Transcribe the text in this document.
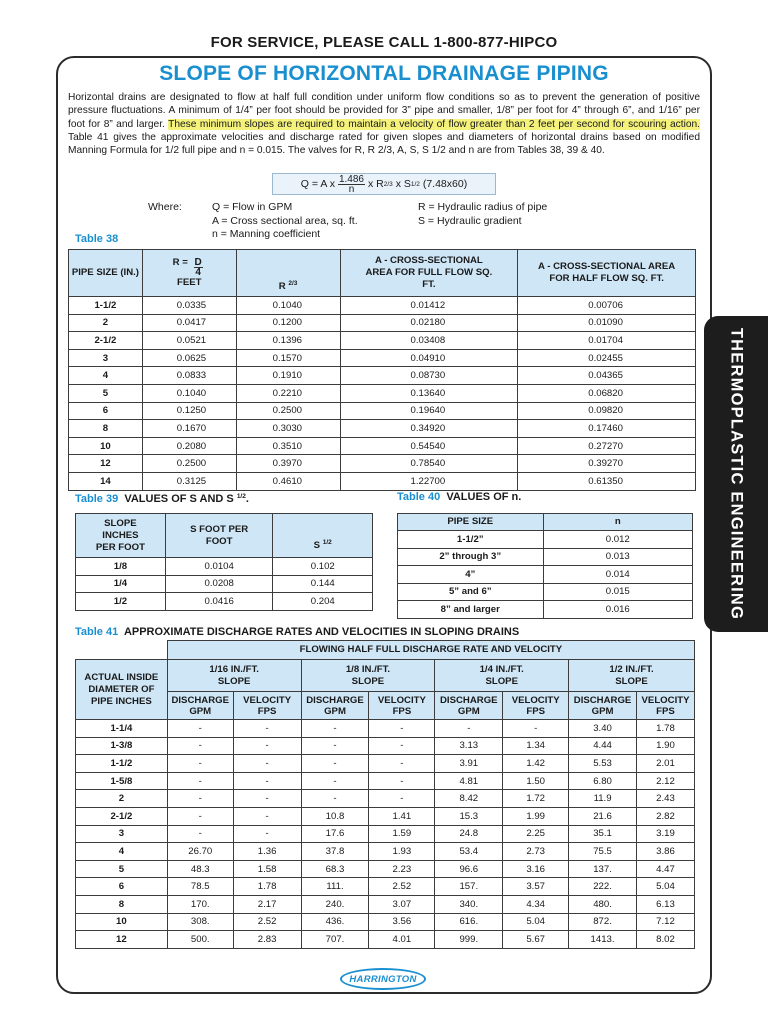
FOR SERVICE, PLEASE CALL 1-800-877-HIPCO
THERMOPLASTIC ENGINEERING
SLOPE OF HORIZONTAL DRAINAGE PIPING

Horizontal drains are designated to flow at half full condition under uniform flow conditions so as to prevent the generation of positive pressure fluctuations. A minimum of 1/4” per foot should be provided for 3” pipe and smaller, 1/8” per foot for 4” through 6”, and 1/16” per foot for 8” and larger. These minimum slopes are required to maintain a velocity of flow greater than 2 feet per second for scouring action. Table 41 gives the approximate velocities and discharge rated for given slopes and diameters of horizontal drains based on modified Manning Formula for 1/2 full pipe and n = 0.015. The valves for R, R 2/3, A, S, S 1/2 and n are from Tables 38, 39 & 40.

Q = A x $\frac{1.486}{n}$ x R 2/3
x S 1/2
(7.48x60)
Where:	Q = Flow in GPM
A = Cross sectional area, sq. ft.
n = Manning coefficient
R = Hydraulic radius of pipe
S = Hydraulic gradient
Table 38
PIPE SIZE (IN.)	$R = \frac{D}{4}$
FEET	R $^{2/3}$	A - CROSS-SECTIONAL AREA FOR FULL FLOW SQ. FT.	A - CROSS-SECTIONAL AREA FOR HALF FLOW SQ. FT.
1-1/2	0.0335	0.1040	0.01412	0.00706
2	0.0417	0.1200	0.02180	0.01090
2-1/2	0.0521	0.1396	0.03408	0.01704
3	0.0625	0.1570	0.04910	0.02455
4	0.0833	0.1910	0.08730	0.04365
5	0.1040	0.2210	0.13640	0.06820
6	0.1250	0.2500	0.19640	0.09820
8	0.1670	0.3030	0.34920	0.17460
10	0.2080	0.3510	0.54540	0.27270
12	0.2500	0.3970	0.78540	0.39270
14	0.3125	0.4610	1.22700	0.61350
Table 39 VALUES OF S AND S $^{1/2}$.
SLOPE INCHES PER FOOT	S FOOT PER FOOT	S $^{1/2}$
1/8	0.0104	0.102
1/4	0.0208	0.144
1/2	0.0416	0.204
Table 40 VALUES OF n.
PIPE SIZE	n
1-1/2”	0.012
2” through 3”	0.013
4”	0.014
5” and 6”	0.015
8” and larger	0.016
Table 41 APPROXIMATE DISCHARGE RATES AND VELOCITIES IN SLOPING DRAINS
	FLOWING HALF FULL DISCHARGE RATE AND VELOCITY							
ACTUAL INSIDE DIAMETER OF PIPE INCHES	1/16 IN./FT. SLOPE		1/8 IN./FT. SLOPE		1/4 IN./FT. SLOPE		1/2 IN./FT. SLOPE	
	DISCHARGE GPM	VELOCITY FPS	DISCHARGE GPM	VELOCITY FPS	DISCHARGE GPM	VELOCITY FPS	DISCHARGE GPM	VELOCITY FPS
1-1/4	-	-	-	-	-	-	3.40	1.78
1-3/8	-	-	-	-	3.13	1.34	4.44	1.90
1-1/2	-	-	-	-	3.91	1.42	5.53	2.01
1-5/8	-	-	-	-	4.81	1.50	6.80	2.12
2	-	-	-	-	8.42	1.72	11.9	2.43
2-1/2	-	-	10.8	1.41	15.3	1.99	21.6	2.82
3	-	-	17.6	1.59	24.8	2.25	35.1	3.19
4	26.70	1.36	37.8	1.93	53.4	2.73	75.5	3.86
5	48.3	1.58	68.3	2.23	96.6	3.16	137.	4.47
6	78.5	1.78	111.	2.52	157.	3.57	222.	5.04
8	170.	2.17	240.	3.07	340.	4.34	480.	6.13
10	308.	2.52	436.	3.56	616.	5.04	872.	7.12
12	500.	2.83	707.	4.01	999.	5.67	1413.	8.02
HARRINGTON
